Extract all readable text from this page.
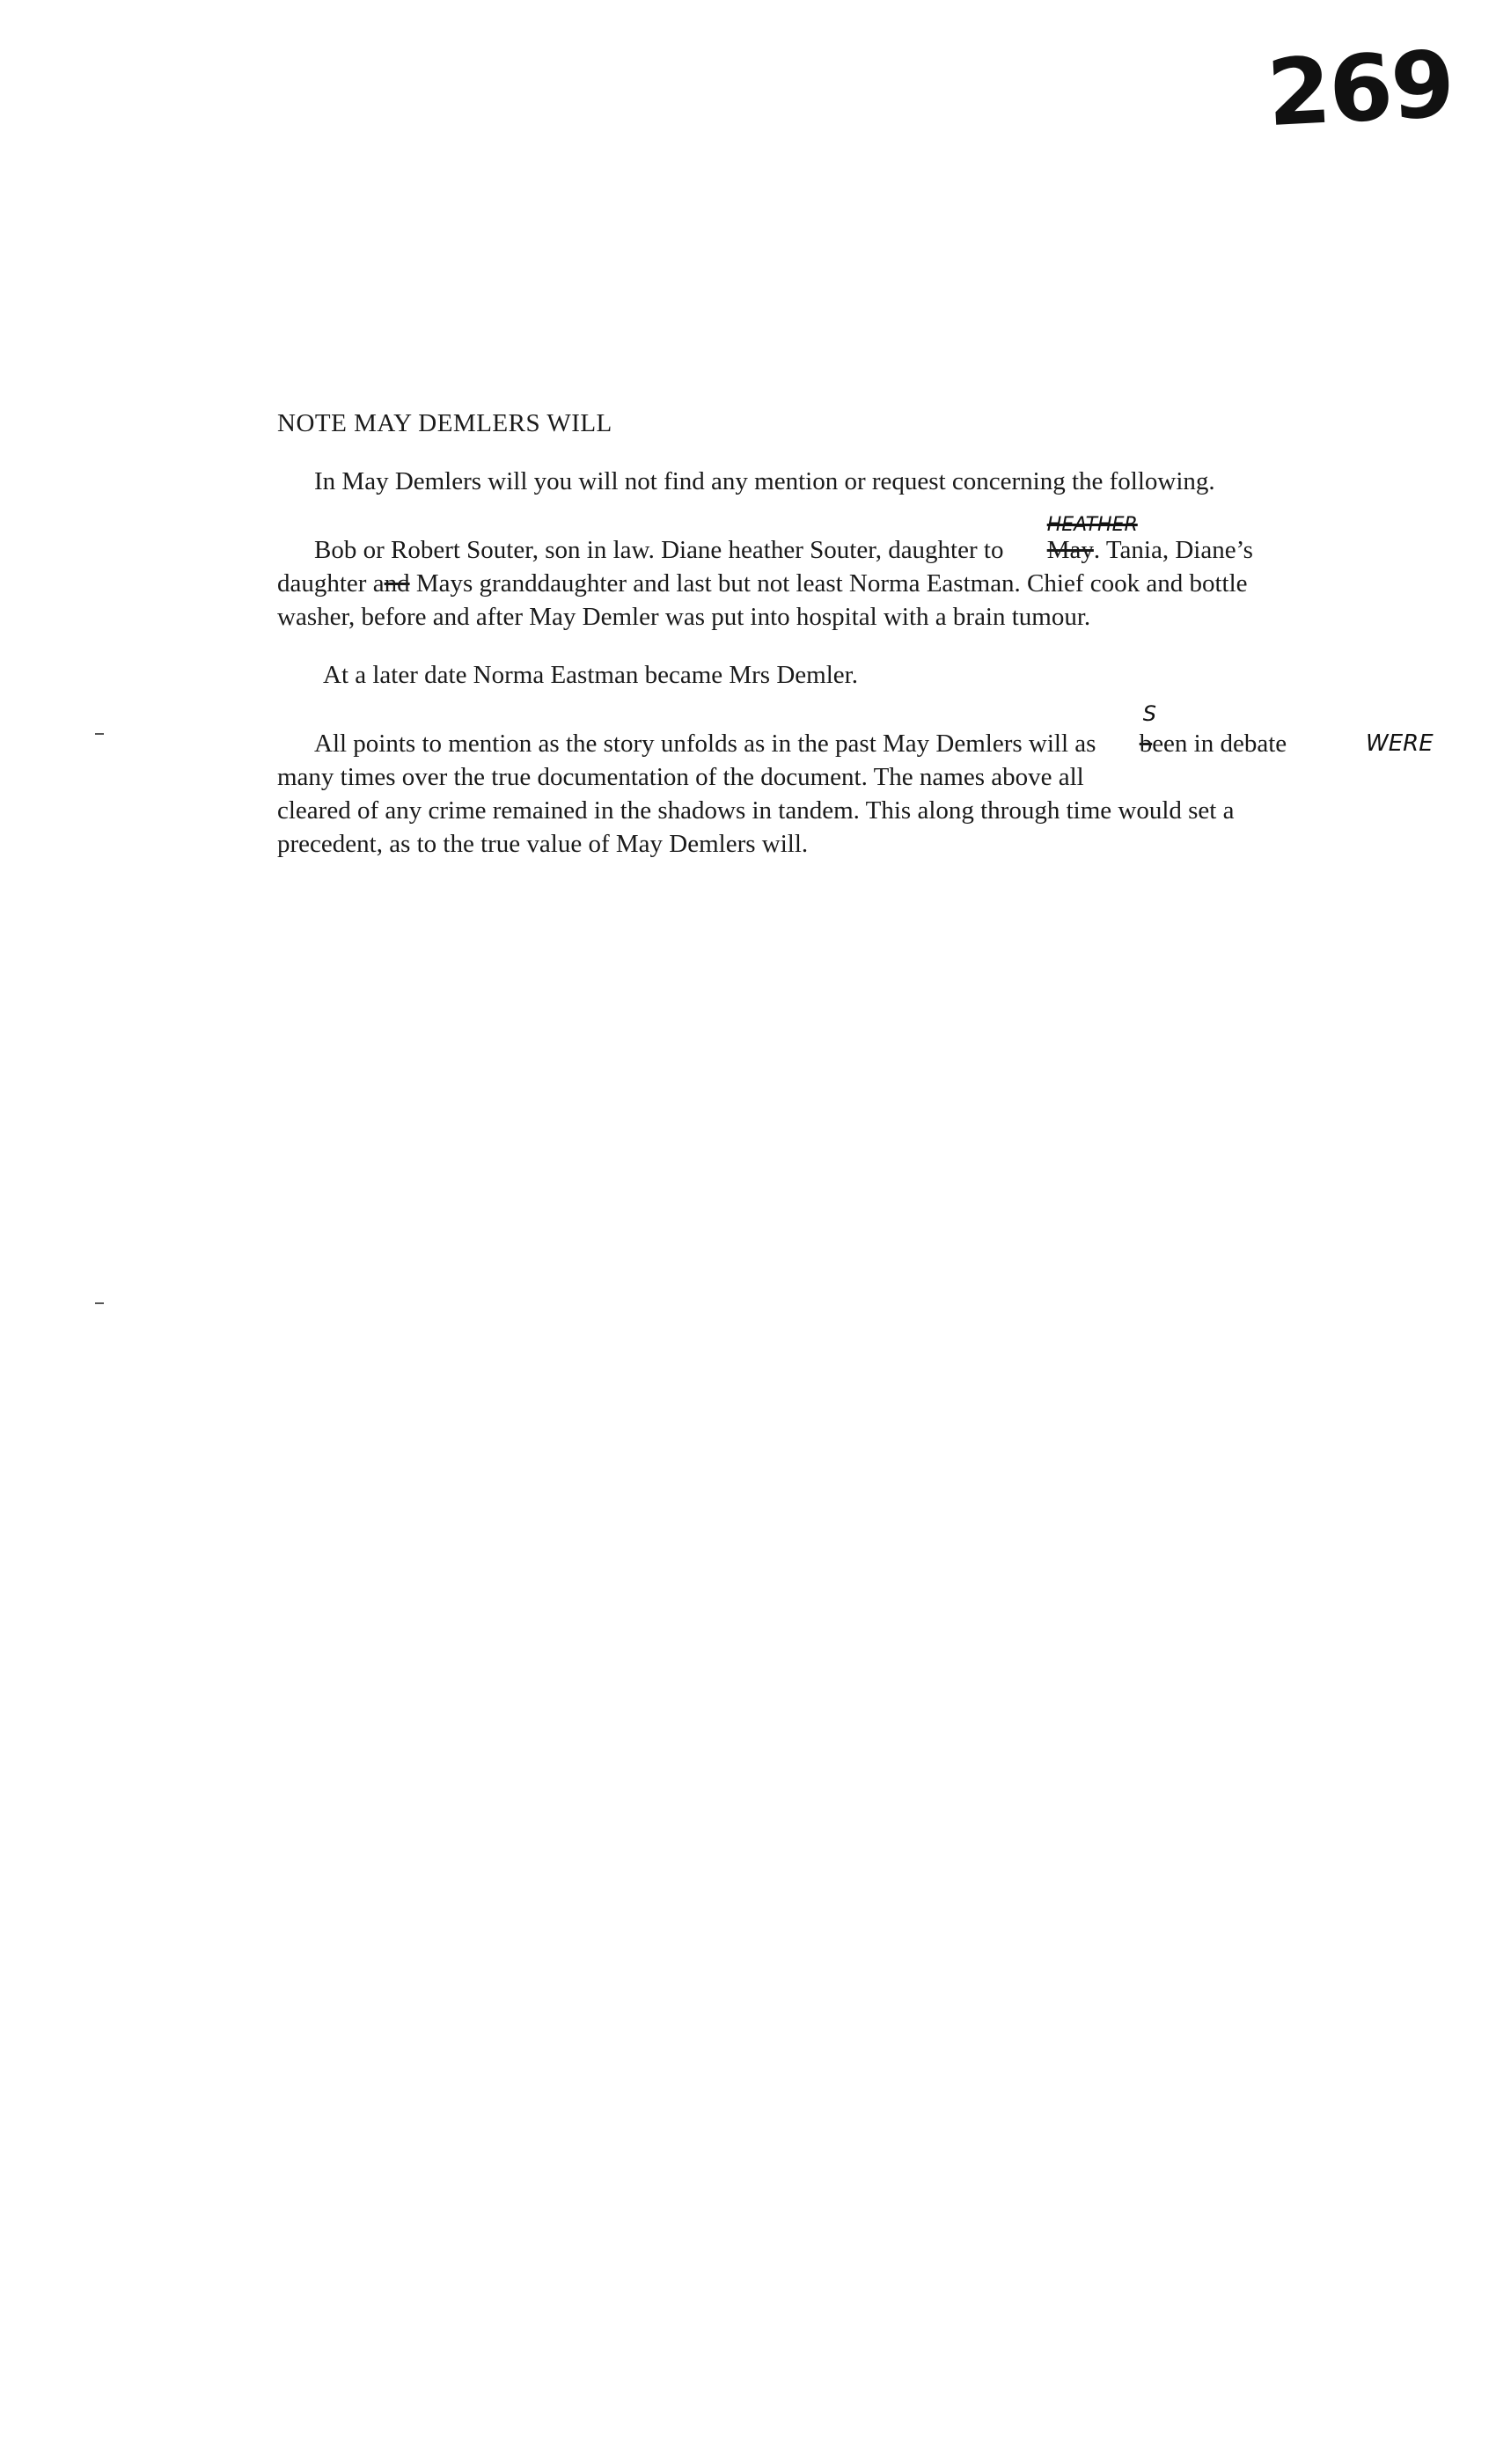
269
NOTE MAY DEMLERS WILL

In May Demlers will you will not find any mention or request concerning the following.

Bob or Robert Souter, son in law. Diane heather Souter, daughter to
HEATHER
May. Tania, Diane’s daughter and Mays granddaughter and last but not least Norma Eastman. Chief cook and bottle washer, before and after May Demler was put into hospital with a brain tumour.

At a later date Norma Eastman became Mrs Demler.

All points to mention as the story unfolds as in the past May Demlers will as
S
been in debate many times over the true documentation of the document. The names above all
WERE

cleared of any crime remained in the shadows in tandem. This along through time would set a precedent, as to the true value of May Demlers will.
